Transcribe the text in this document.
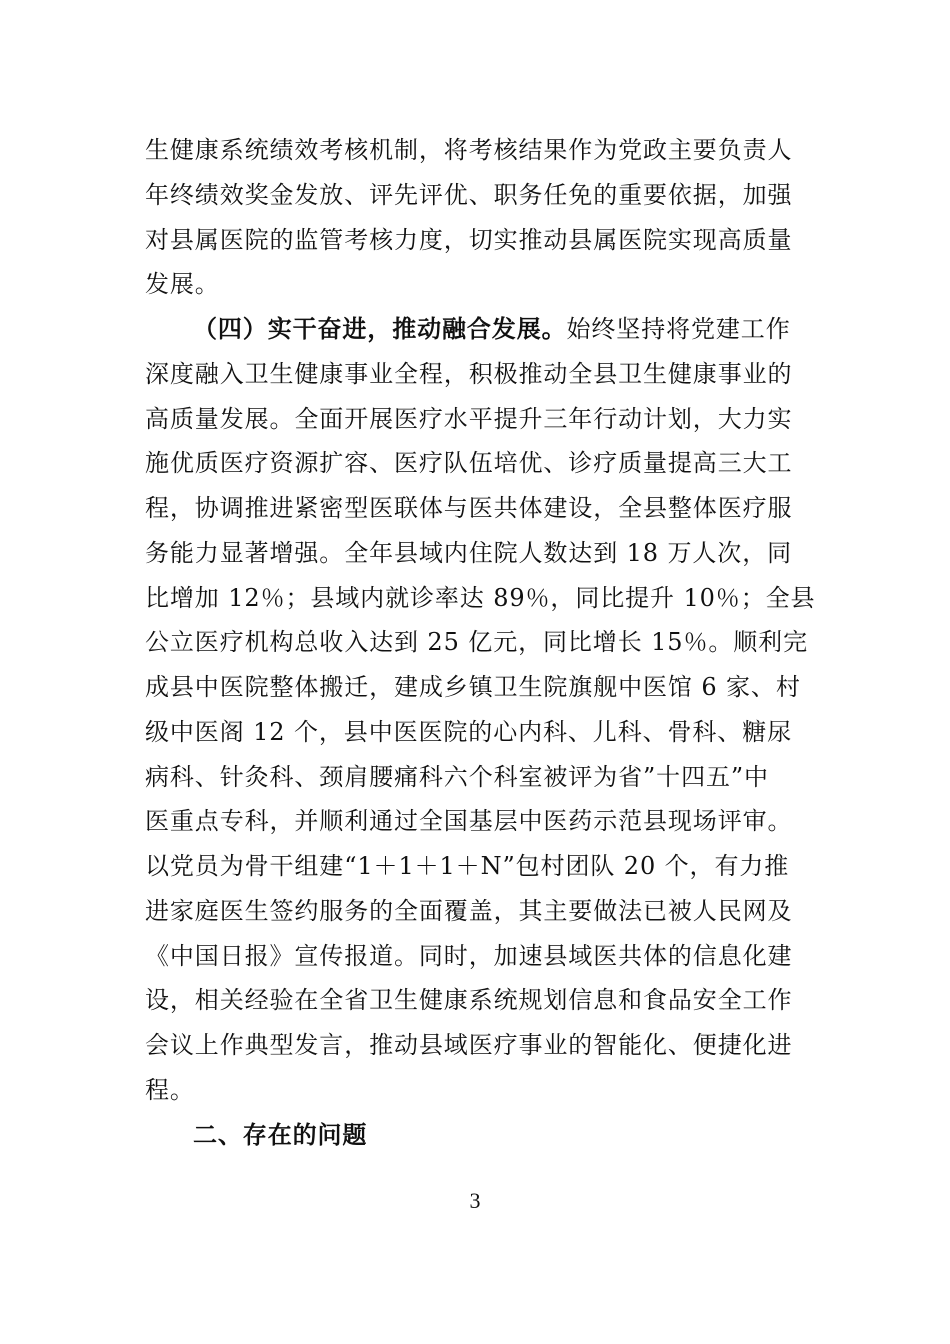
生健康系统绩效考核机制，将考核结果作为党政主要负责人
年终绩效奖金发放、评先评优、职务任免的重要依据，加强
对县属医院的监管考核力度，切实推动县属医院实现高质量
发展。
（四）实干奋进，推动融合发展。始终坚持将党建工作
深度融入卫生健康事业全程，积极推动全县卫生健康事业的
高质量发展。全面开展医疗水平提升三年行动计划，大力实
施优质医疗资源扩容、医疗队伍培优、诊疗质量提高三大工
程，协调推进紧密型医联体与医共体建设，全县整体医疗服
务能力显著增强。全年县域内住院人数达到 18 万人次，同
比增加 12％；县域内就诊率达 89％，同比提升 10％；全县
公立医疗机构总收入达到 25 亿元，同比增长 15％。顺利完
成县中医院整体搬迁，建成乡镇卫生院旗舰中医馆 6 家、村
级中医阁 12 个，县中医医院的心内科、儿科、骨科、糖尿
病科、针灸科、颈肩腰痛科六个科室被评为省”十四五”中
医重点专科，并顺利通过全国基层中医药示范县现场评审。
以党员为骨干组建“1＋1＋1＋N”包村团队 20 个，有力推
进家庭医生签约服务的全面覆盖，其主要做法已被人民网及
《中国日报》宣传报道。同时，加速县域医共体的信息化建
设，相关经验在全省卫生健康系统规划信息和食品安全工作
会议上作典型发言，推动县域医疗事业的智能化、便捷化进
程。
二、存在的问题
3
